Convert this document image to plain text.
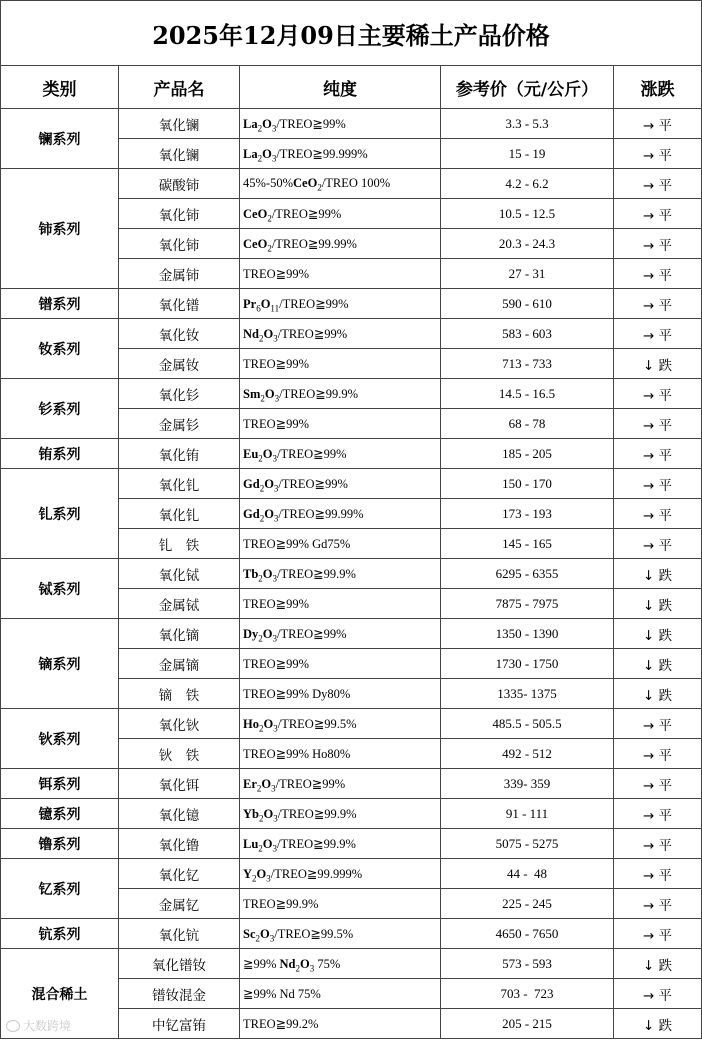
2025年12月09日主要稀土产品价格				
类别	产品名	纯度	参考价（元/公斤）	涨跌
镧系列	氧化镧	$La_2O_3/TREO≧99\%$	3.3 - 5.3	→ 平
	氧化镧	$La_2O_3/TREO≧99.999\%$	15 - 19	→ 平
铈系列	碳酸铈	45%-50%CeO$_2$/TREO 100%	4.2 - 6.2	→ 平
	氧化铈	CeO$_2$/TREO≧99%	10.5 - 12.5	→ 平
	氧化铈	CeO$_2$/TREO≧99.99%	20.3 - 24.3	→ 平
	金属铈	TREO≧99%	27 - 31	→ 平
镨系列	氧化镨	$Pr_6O_{11}/TREO≧99\%$	590 - 610	→ 平
钕系列	氧化钕	$Nd_2O_3/TREO≧99\%$	583 - 603	→ 平
	金属钕	TREO≧99%	713 - 733	↓ 跌
钐系列	氧化钐	$Sm_2O_3/TREO≧99.9\%$	14.5 - 16.5	→ 平
	金属钐	TREO≧99%	68 - 78	→ 平
铕系列	氧化铕	$Eu_2O_3/TREO≧99\%$	185 - 205	→ 平
钆系列	氧化钆	$Gd_2O_3/TREO≧99\%$	150 - 170	→ 平
	氧化钆	$Gd_2O_3/TREO≧99.99\%$	173 - 193	→ 平
	钆　铁	TREO≧99% Gd75%	145 - 165	→ 平
铽系列	氧化铽	$Tb_2O_3/TREO≧99.9\%$	6295 - 6355	↓ 跌
	金属铽	TREO≧99%	7875 - 7975	↓ 跌
镝系列	氧化镝	$Dy_2O_3/TREO≧99\%$	1350 - 1390	↓ 跌
	金属镝	TREO≧99%	1730 - 1750	↓ 跌
	镝　铁	TREO≧99% Dy80%	1335- 1375	↓ 跌
钬系列	氧化钬	$Ho_2O_3/TREO≧99.5\%$	485.5 - 505.5	→ 平
	钬　铁	TREO≧99% Ho80%	492 - 512	→ 平
铒系列	氧化铒	$Er_2O_3/TREO≧99\%$	339- 359	→ 平
镱系列	氧化镱	$Yb_2O_3/TREO≧99.9\%$	91 - 111	→ 平
镥系列	氧化镥	$Lu_2O_3/TREO≧99.9\%$	5075 - 5275	→ 平
钇系列	氧化钇	$Y_2O_3/TREO≧99.999\%$	44 -  48	→ 平
	金属钇	TREO≧99.9%	225 - 245	→ 平
钪系列	氧化钪	$Sc_2O_3/TREO≧99.5\%$	4650 - 7650	→ 平
混合稀土	氧化镨钕	≧99% $Nd_2O_3$ 75%	573 - 593	↓ 跌
	镨钕混金	≧99% Nd 75%	703 -  723	→ 平
	中钇富铕	TREO≧99.2%	205 - 215	↓ 跌
大数跨境
